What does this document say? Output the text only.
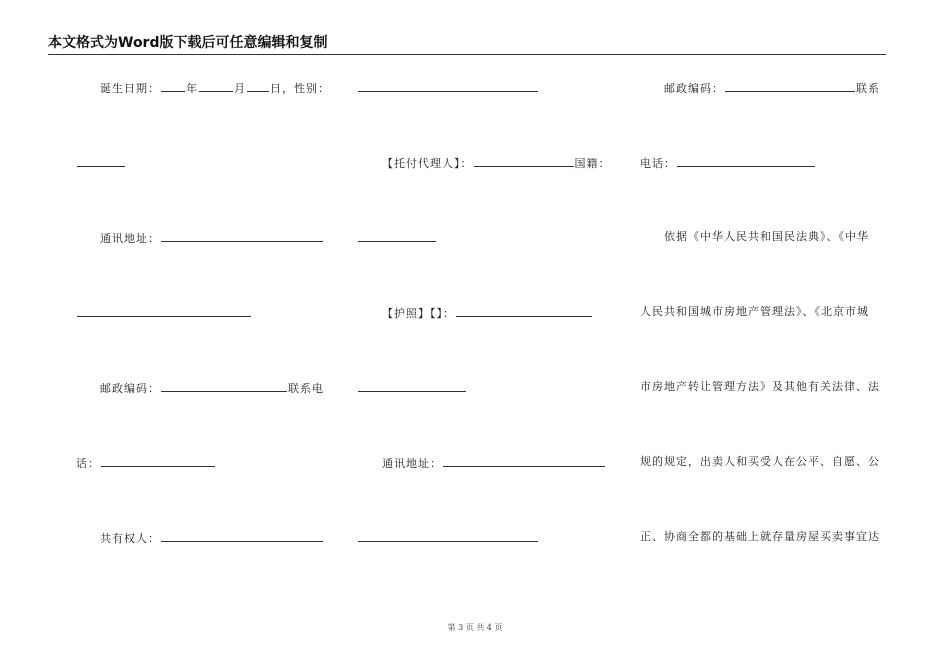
本文格式为Word版下载后可任意编辑和复制
诞生日期： 年	月 日，性别：
通讯地址：
邮政编码：	联系电
话：
共有权人：
【托付代理人】：	国籍：
【护照】【】：
通讯地址：
邮政编码：	联系
电话：
依据《中华人民共和国民法典》、《中华
人民共和国城市房地产管理法》、《北京市城
市房地产转让管理方法》及其他有关法律、法
规的规定，出卖人和买受人在公平、自愿、公
正、协商全都的基础上就存量房屋买卖事宜达
第 3 页 共 4 页
